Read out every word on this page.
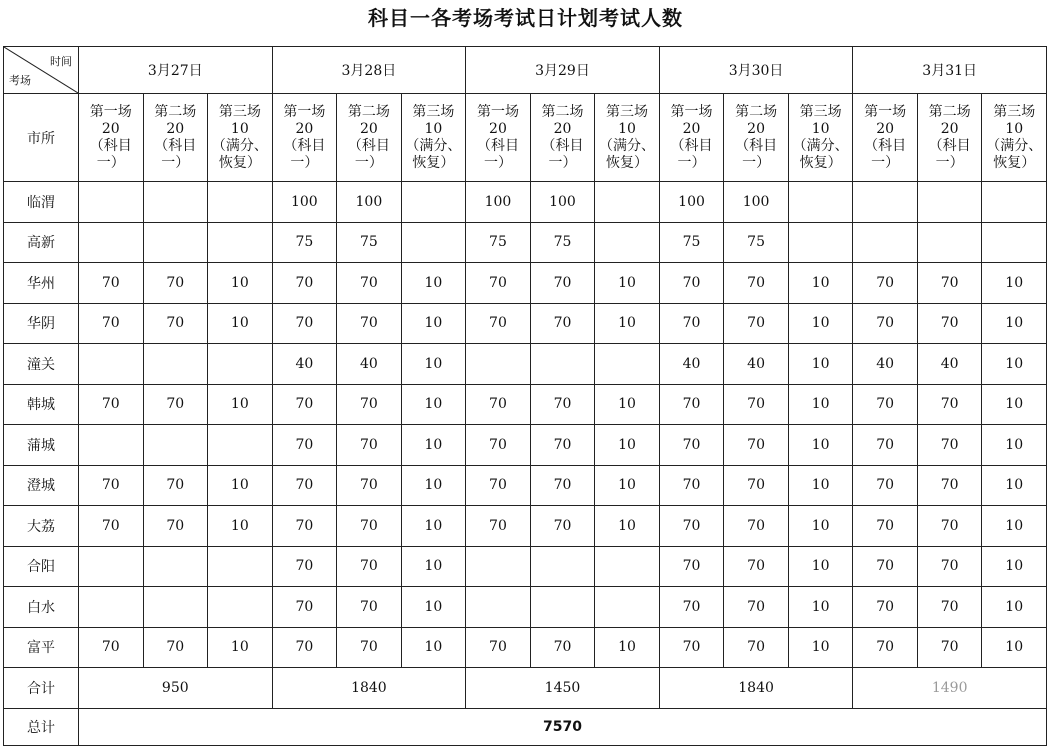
科目一各考场考试日计划考试人数
时间
考场	3月27日			3月28日			3月29日			3月30日			3月31日		
市所	第一场
20
（科目
一）	第二场
20
（科目
一）	第三场
10
（满分、
恢复）	第一场
20
（科目
一）	第二场
20
（科目
一）	第三场
10
（满分、
恢复）	第一场
20
（科目
一）	第二场
20
（科目
一）	第三场
10
（满分、
恢复）	第一场
20
（科目
一）	第二场
20
（科目
一）	第三场
10
（满分、
恢复）	第一场
20
（科目
一）	第二场
20
（科目
一）	第三场
10
（满分、
恢复）

临渭				100	100		100	100		100	100				
高新				75	75		75	75		75	75				
华州	70	70	10	70	70	10	70	70	10	70	70	10	70	70	10
华阴	70	70	10	70	70	10	70	70	10	70	70	10	70	70	10
潼关				40	40	10				40	40	10	40	40	10
韩城	70	70	10	70	70	10	70	70	10	70	70	10	70	70	10
蒲城				70	70	10	70	70	10	70	70	10	70	70	10
澄城	70	70	10	70	70	10	70	70	10	70	70	10	70	70	10
大荔	70	70	10	70	70	10	70	70	10	70	70	10	70	70	10
合阳				70	70	10				70	70	10	70	70	10
白水				70	70	10				70	70	10	70	70	10
富平	70	70	10	70	70	10	70	70	10	70	70	10	70	70	10
合计	950			1840			1450			1840			1490		
总计	7570														
